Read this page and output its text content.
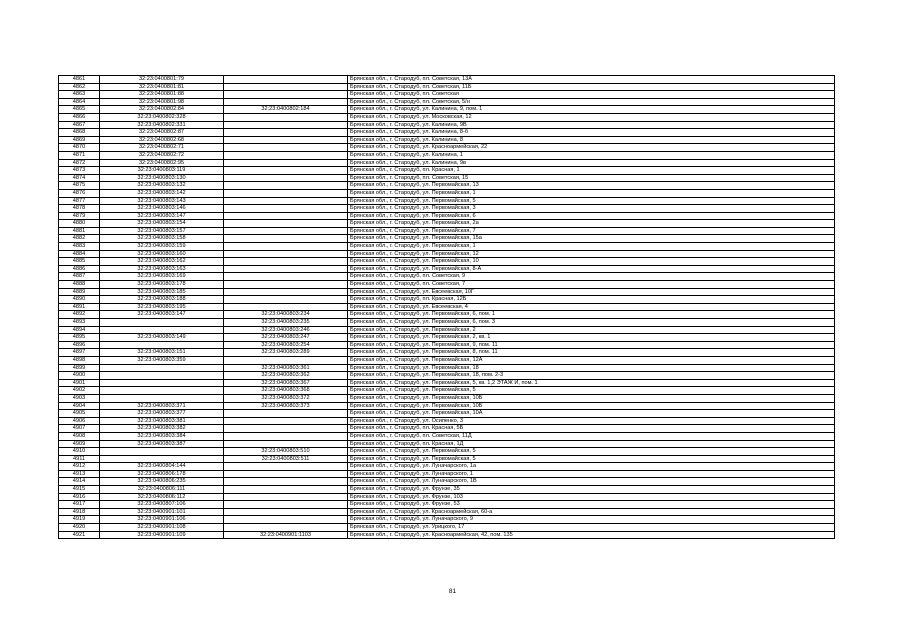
4861	32:23:0400801:79		Брянская обл., г. Стародуб, пл. Советская, 13А
4862	32:23:0400801:81		Брянская обл., г. Стародуб, пл. Советская, 11Б
4863	32:23:0400801:88		Брянская обл., г. Стародуб, пл. Советская
4864	32:23:0400801:98		Брянская обл., г. Стародуб, пл. Советская, 5/н
4865	32:23:0400802:84	32:23:0400802:184	Брянская обл., г. Стародуб, ул. Калинина, 9, пом. 1
4866	32:23:0400802:328		Брянская обл., г. Стародуб, ул. Московская, 12
4867	32:23:0400802:331		Брянская обл., г. Стародуб, ул. Калинина, 9В
4868	32:23:0400802:87		Брянская обл., г. Стародуб, ул. Калинина, 8-б
4869	32:23:0400802:68		Брянская обл., г. Стародуб, ул. Калинина, 8
4870	32:23:0400802:71		Брянская обл., г. Стародуб, ул. Красноармейская, 22
4871	32:23:0400802:72		Брянская обл., г. Стародуб, ул. Калинина, 1
4872	32:23:0400802:95		Брянская обл., г. Стародуб, ул. Калинина, 9в
4873	32:23:0400803:119		Брянская обл., г. Стародуб, пл. Красная, 1
4874	32:23:0400803:130		Брянская обл., г. Стародуб, пл. Советская, 15
4875	32:23:0400803:132		Брянская обл., г. Стародуб, ул. Первомайская, 13
4876	32:23:0400803:142		Брянская обл., г. Стародуб, ул. Первомайская, 1
4877	32:23:0400803:143		Брянская обл., г. Стародуб, ул. Первомайская, 5
4878	32:23:0400803:146		Брянская обл., г. Стародуб, ул. Первомайская, 3
4879	32:23:0400803:147		Брянская обл., г. Стародуб, ул. Первомайская, 6
4880	32:23:0400803:154		Брянская обл., г. Стародуб, ул. Первомайская, 2а
4881	32:23:0400803:157		Брянская обл., г. Стародуб, ул. Первомайская, 7
4882	32:23:0400803:158		Брянская обл., г. Стародуб, ул. Первомайская, 15а
4883	32:23:0400803:159		Брянская обл., г. Стародуб, ул. Первомайская, 1
4884	32:23:0400803:160		Брянская обл., г. Стародуб, ул. Первомайская, 12
4885	32:23:0400803:162		Брянская обл., г. Стародуб, ул. Первомайская, 10
4886	32:23:0400803:163		Брянская обл., г. Стародуб, ул. Первомайская, 8-А
4887	32:23:0400803:169		Брянская обл., г. Стародуб, пл. Советская, 9
4888	32:23:0400803:178		Брянская обл., г. Стародуб, пл. Советская, 7
4889	32:23:0400803:185		Брянская обл., г. Стародуб, ул. Евсеевская, 10Г
4890	32:23:0400803:188		Брянская обл., г. Стародуб, пл. Красная, 12Б
4891	32:23:0400803:195		Брянская обл., г. Стародуб, ул. Евсеевская, 4
4892	32:23:0400803:147	32:23:0400803:234	Брянская обл., г. Стародуб, ул. Первомайская, 6, пом. 1
4893		32:23:0400803:235	Брянская обл., г. Стародуб, ул. Первомайская, 6, пом. 3
4894		32:23:0400803:246	Брянская обл., г. Стародуб, ул. Первомайская, 2
4895	32:23:0400803:149	32:23:0400803:247	Брянская обл., г. Стародуб, ул. Первомайская, 2, кв. 1
4896		32:23:0400803:254	Брянская обл., г. Стародуб, ул. Первомайская, 9, пом. 11
4897	32:23:0400803:151	32:23:0400803:289	Брянская обл., г. Стародуб, ул. Первомайская, 8, пом. 11
4898	32:23:0400803:359		Брянская обл., г. Стародуб, ул. Первомайская, 12А
4899		32:23:0400803:361	Брянская обл., г. Стародуб, ул. Первомайская, 18
4900		32:23:0400803:362	Брянская обл., г. Стародуб, ул. Первомайская, 18, пом. 2-3
4901		32:23:0400803:367	Брянская обл., г. Стародуб, ул. Первомайская, 5, кв. 1,2 ЭТАЖ И, пом. 1
4902		32:23:0400803:368	Брянская обл., г. Стародуб, ул. Первомайская, 5
4903		32:23:0400803:372	Брянская обл., г. Стародуб, ул. Первомайская, 10Б
4904	32:23:0400803:371	32:23:0400803:373	Брянская обл., г. Стародуб, ул. Первомайская, 10Б
4905	32:23:0400803:377		Брянская обл., г. Стародуб, ул. Первомайская, 10А
4906	32:23:0400803:381		Брянская обл., г. Стародуб, ул. Осипенко, 3
4907	32:23:0400803:382		Брянская обл., г. Стародуб, пл. Красная, 5Б
4908	32:23:0400803:384		Брянская обл., г. Стародуб, пл. Советская, 11Д
4909	32:23:0400803:387		Брянская обл., г. Стародуб, пл. Красная, 1Д
4910		32:23:0400803:510	Брянская обл., г. Стародуб, ул. Первомайская, 5
4911		32:23:0400803:511	Брянская обл., г. Стародуб, ул. Первомайская, 5
4912	32:23:0400804:144		Брянская обл., г. Стародуб, ул. Луначарского, 1а
4913	32:23:0400806:178		Брянская обл., г. Стародуб, ул. Луначарского, 1
4914	32:23:0400806:235		Брянская обл., г. Стародуб, ул. Луначарского, 1В
4915	32:23:0400806:111		Брянская обл., г. Стародуб, ул. Фрунзе, 35
4916	32:23:0400806:112		Брянская обл., г. Стародуб, ул. Фрунзе, 103
4917	32:23:0400807:106		Брянская обл., г. Стародуб, ул. Фрунзе, 53
4918	32:23:0400901:101		Брянская обл., г. Стародуб, ул. Красноармейская, 60-а
4919	32:23:0400901:106		Брянская обл., г. Стародуб, ул. Луначарского, 9
4920	32:23:0400901:108		Брянская обл., г. Стародуб, ул. Урицкого, 17
4921	32:23:0400901:109	32:23:0400901:1103	Брянская обл., г. Стародуб, ул. Красноармейская, 42, пом. 135
81
